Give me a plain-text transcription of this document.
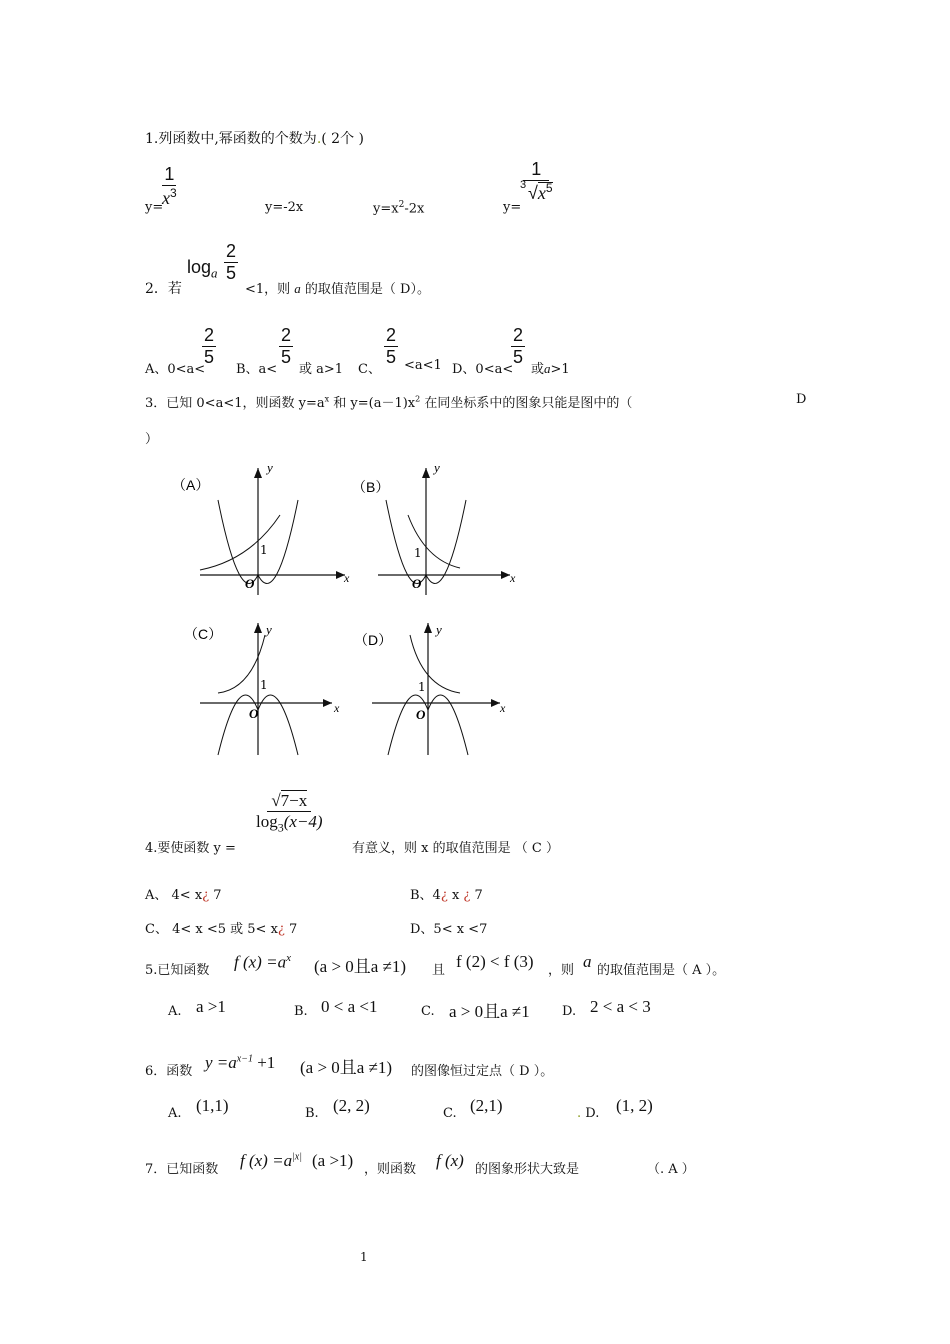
1.列函数中,幂函数的个数为.( 2个 )
y=
$\frac{1}{x^3}$	y=-2x	$y=x^2-2x$	y=
$\frac{1}{3 √x^5}$
2．若
$\log_a \frac{2}{5}$
<1，则 a 的取值范围是（ D）。
A、0<a<
$\frac{2}{5}$
B、a<
$\frac{2}{5}$
或 a>1 C、
$\frac{2}{5} <a<1$ D、0<a<
$\frac{2}{5}$
或a>1
3．已知 0<a<1，则函数 $y=a^x$ 和 $y=(a-1)x^2$ 在同坐标系中的图象只能是图中的（	D
）
（A）
y
x
O
1
（B）
y
x
O
1
（C）	y
x
O
1
（D）
y
x
O
1
4.要使函数 y =
$\frac{√7-x}{\log_3(x-4)}$
有意义，则 x 的取值范围是 （ C ）
A、 4< x¿ 7	B、4¿ x ¿ 7
C、 4< x <5 或 5< x¿ 7	D、5< x <7
5.已知函数 f $(x) =a^x$ (a > 0且a ≠1) 且 f (2) < f (3) ，则 a 的取值范围是（ A ）。
A. a >1	B. 0 < a <1	C. a > 0且a ≠1 D. 2 < a < 3
6．函数 $y =a^{x-1} +1$ (a > 0且a ≠1) 的图像恒过定点（ D ）。
A. (1,1)	B. (2, 2)	C. (2,1)	. D. (1, 2)
7．已知函数 f $(x) =a^{|x|}$ (a >1) ，则函数 f (x) 的图象形状大致是	（. A ）
1
